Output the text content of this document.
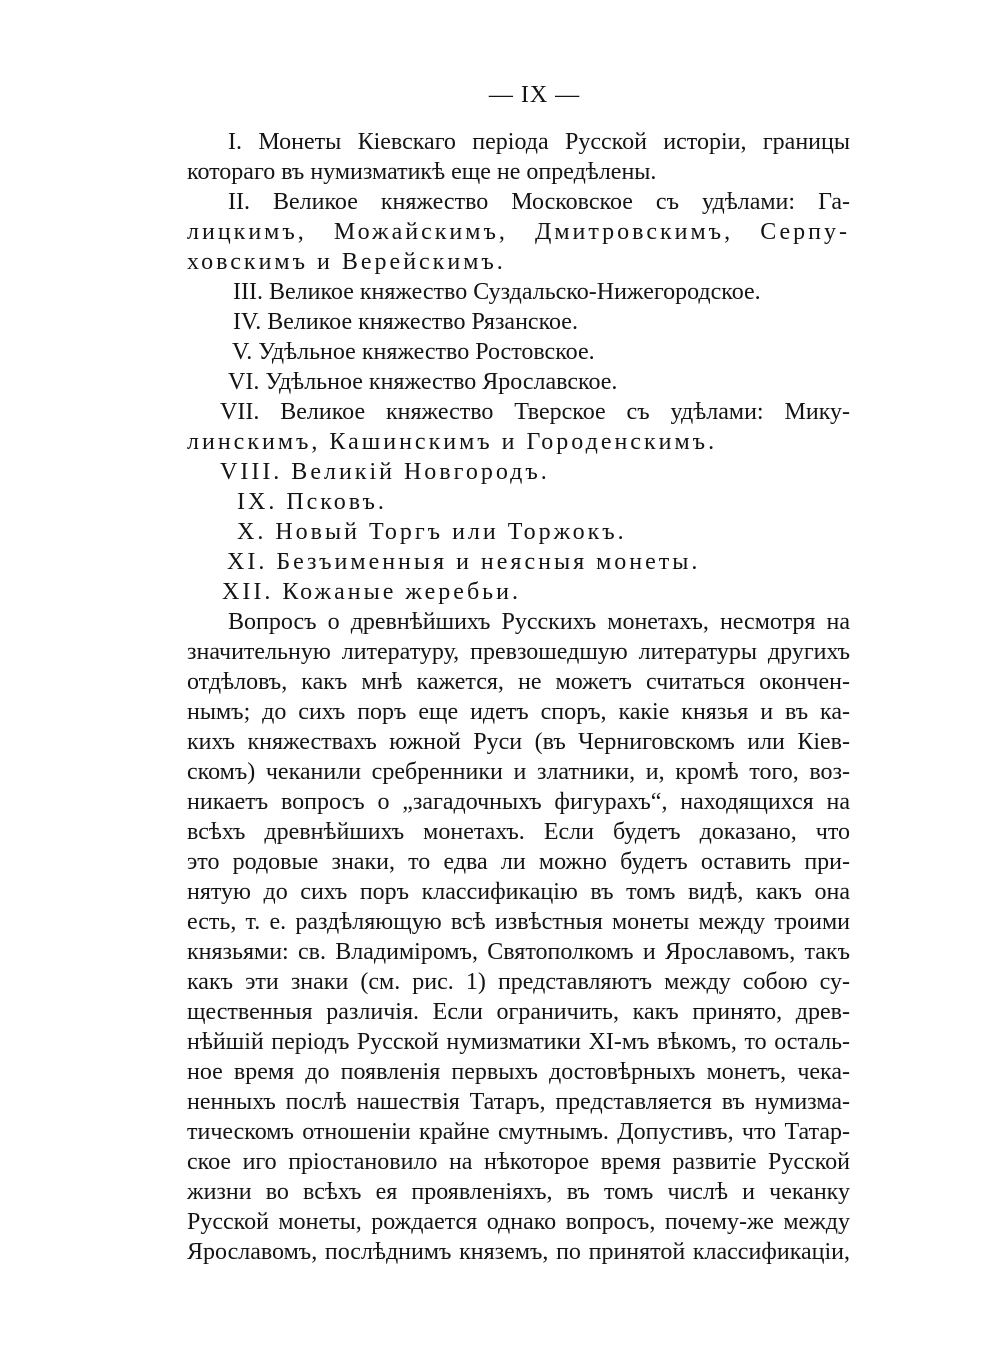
— IX —
I. Монеты Кіевскаго періода Русской исторіи, границы
котораго въ нумизматикѣ еще не опредѣлены.
II. Великое княжество Московское съ удѣлами: Га-
лицкимъ, Можайскимъ, Дмитровскимъ, Серпу-
ховскимъ и Верейскимъ.
III. Великое княжество Суздальско-Нижегородское.
IV. Великое княжество Рязанское.
V. Удѣльное княжество Ростовское.
VI. Удѣльное княжество Ярославское.
VII. Великое княжество Тверское съ удѣлами: Мику-
линскимъ, Кашинскимъ и Городенскимъ.
VIII. Великій Новгородъ.
IX. Псковъ.
X. Новый Торгъ или Торжокъ.
XI. Безъименныя и неясныя монеты.
XII. Кожаные жеребьи.
Вопросъ о древнѣйшихъ Русскихъ монетахъ, несмотря на
значительную литературу, превзошедшую литературы другихъ
отдѣловъ, какъ мнѣ кажется, не можетъ считаться окончен-
нымъ; до сихъ поръ еще идетъ споръ, какіе князья и въ ка-
кихъ княжествахъ южной Руси (въ Черниговскомъ или Кіев-
скомъ) чеканили сребренники и златники, и, кромѣ того, воз-
никаетъ вопросъ о „загадочныхъ фигурахъ“, находящихся на
всѣхъ древнѣйшихъ монетахъ. Если будетъ доказано, что
это родовые знаки, то едва ли можно будетъ оставить при-
нятую до сихъ поръ классификацію въ томъ видѣ, какъ она
есть, т. е. раздѣляющую всѣ извѣстныя монеты между троими
князьями: св. Владиміромъ, Святополкомъ и Ярославомъ, такъ
какъ эти знаки (см. рис. 1) представляютъ между собою су-
щественныя различія. Если ограничить, какъ принято, древ-
нѣйшій періодъ Русской нумизматики XI-мъ вѣкомъ, то осталь-
ное время до появленія первыхъ достовѣрныхъ монетъ, чека-
ненныхъ послѣ нашествія Татаръ, представляется въ нумизма-
тическомъ отношеніи крайне смутнымъ. Допустивъ, что Татар-
ское иго пріостановило на нѣкоторое время развитіе Русской
жизни во всѣхъ ея проявленіяхъ, въ томъ числѣ и чеканку
Русской монеты, рождается однако вопросъ, почему-же между
Ярославомъ, послѣднимъ княземъ, по принятой классификаціи,
